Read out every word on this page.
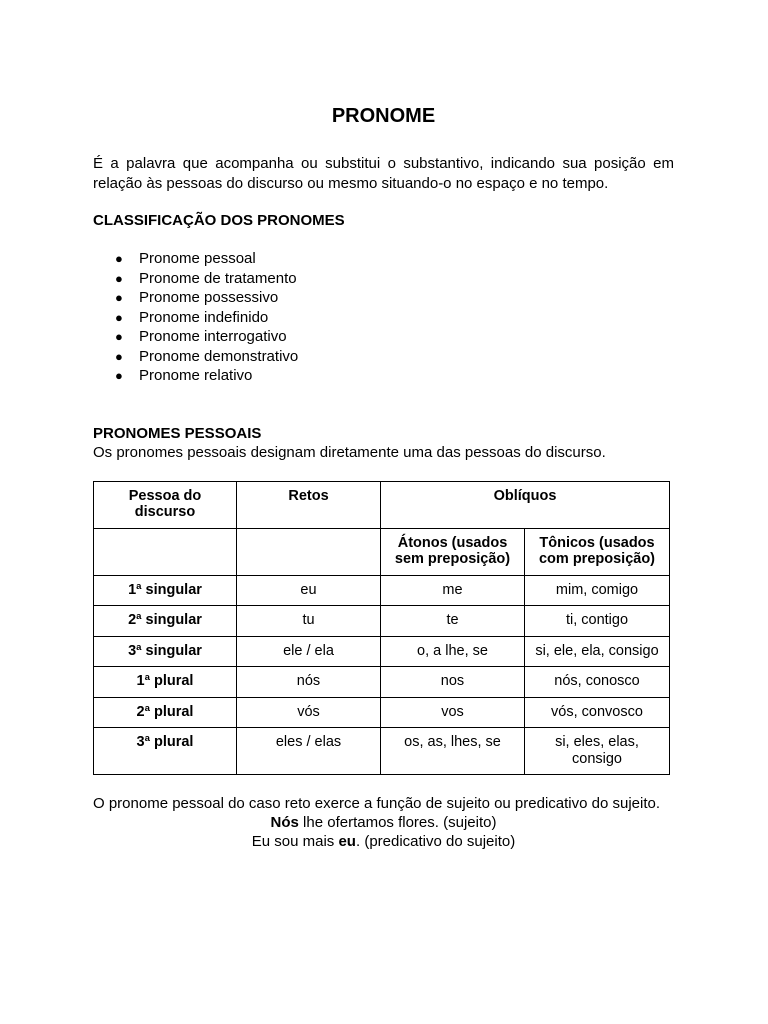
PRONOME

É a palavra que acompanha ou substitui o substantivo, indicando sua posição em relação às pessoas do discurso ou mesmo situando-o no espaço e no tempo.

CLASSIFICAÇÃO DOS PRONOMES
● Pronome pessoal
● Pronome de tratamento
● Pronome possessivo
● Pronome indefinido
● Pronome interrogativo
● Pronome demonstrativo
● Pronome relativo
PRONOMES PESSOAIS
Os pronomes pessoais designam diretamente uma das pessoas do discurso.
Pessoa do discurso	Retos	Oblíquos	
		Átonos (usados sem preposição)	Tônicos (usados com preposição)
1ª singular	eu	me	mim, comigo
2ª singular	tu	te	ti, contigo
3ª singular	ele / ela	o, a lhe, se	si, ele, ela, consigo
1ª plural	nós	nos	nós, conosco
2ª plural	vós	vos	vós, convosco
3ª plural	eles / elas	os, as, lhes, se	si, eles, elas, consigo

O pronome pessoal do caso reto exerce a função de sujeito ou predicativo do sujeito.

Nós lhe ofertamos flores. (sujeito)
Eu sou mais eu. (predicativo do sujeito)
